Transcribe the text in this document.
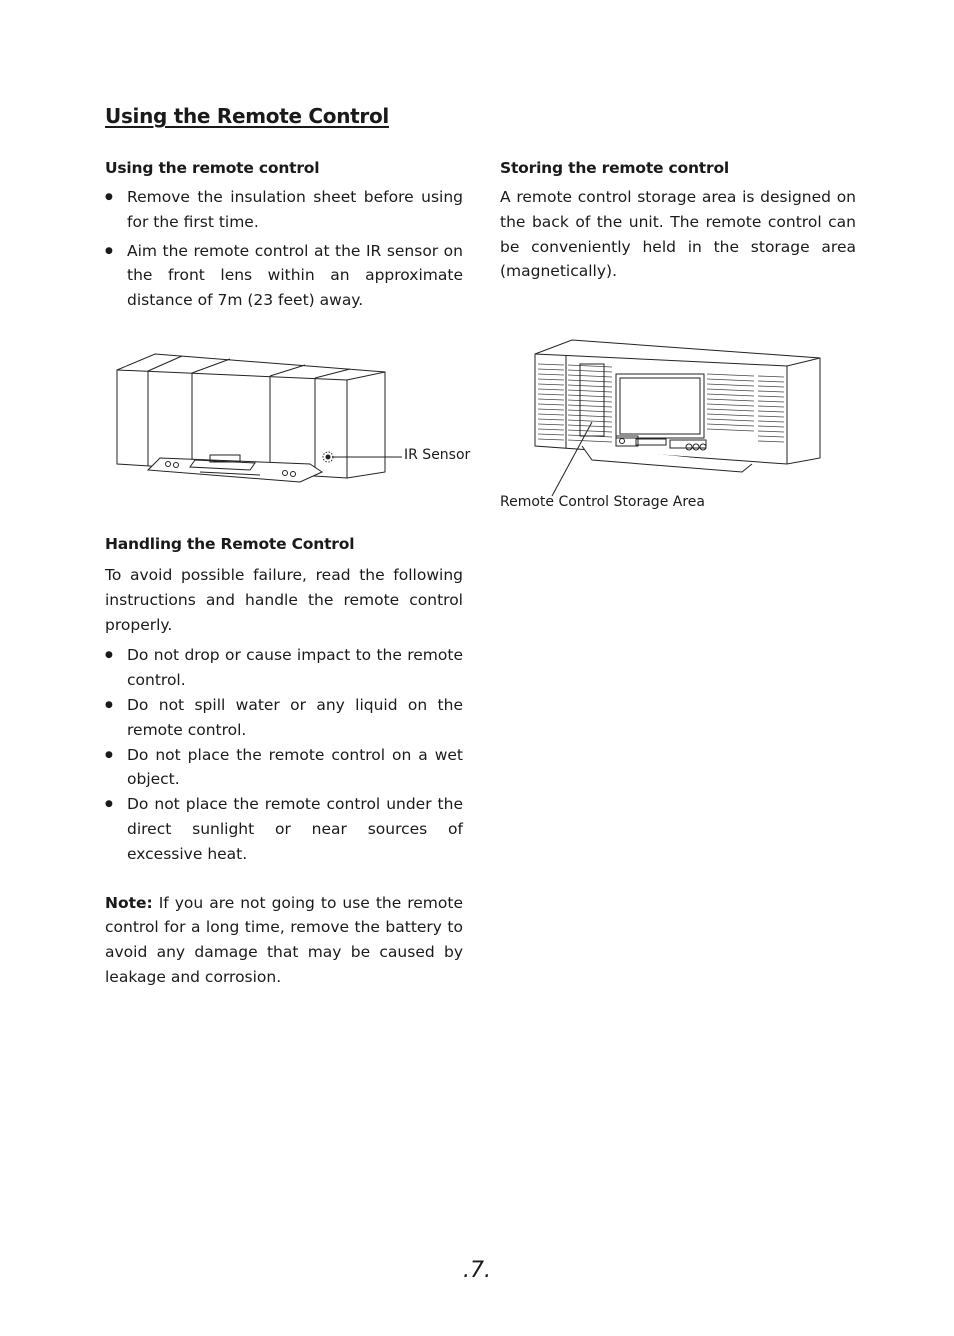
Using the Remote Control
Using the remote control
● Remove the insulation sheet before using for the first time.
● Aim the remote control at the IR sensor on the front lens within an approximate distance of 7m (23 feet) away.
Storing the remote control

A remote control storage area is designed on the back of the unit. The remote control can be conveniently held in the storage area (magnetically).

IR Sensor
Remote Control Storage Area
Handling the Remote Control

To avoid possible failure, read the following instructions and handle the remote control properly.

● Do not drop or cause impact to the remote control.
● Do not spill water or any liquid on the remote control.
● Do not place the remote control on a wet object.
● Do not place the remote control under the direct sunlight or near sources of excessive heat.

Note: If you are not going to use the remote control for a long time, remove the battery to avoid any damage that may be caused by leakage and corrosion.

.7.
